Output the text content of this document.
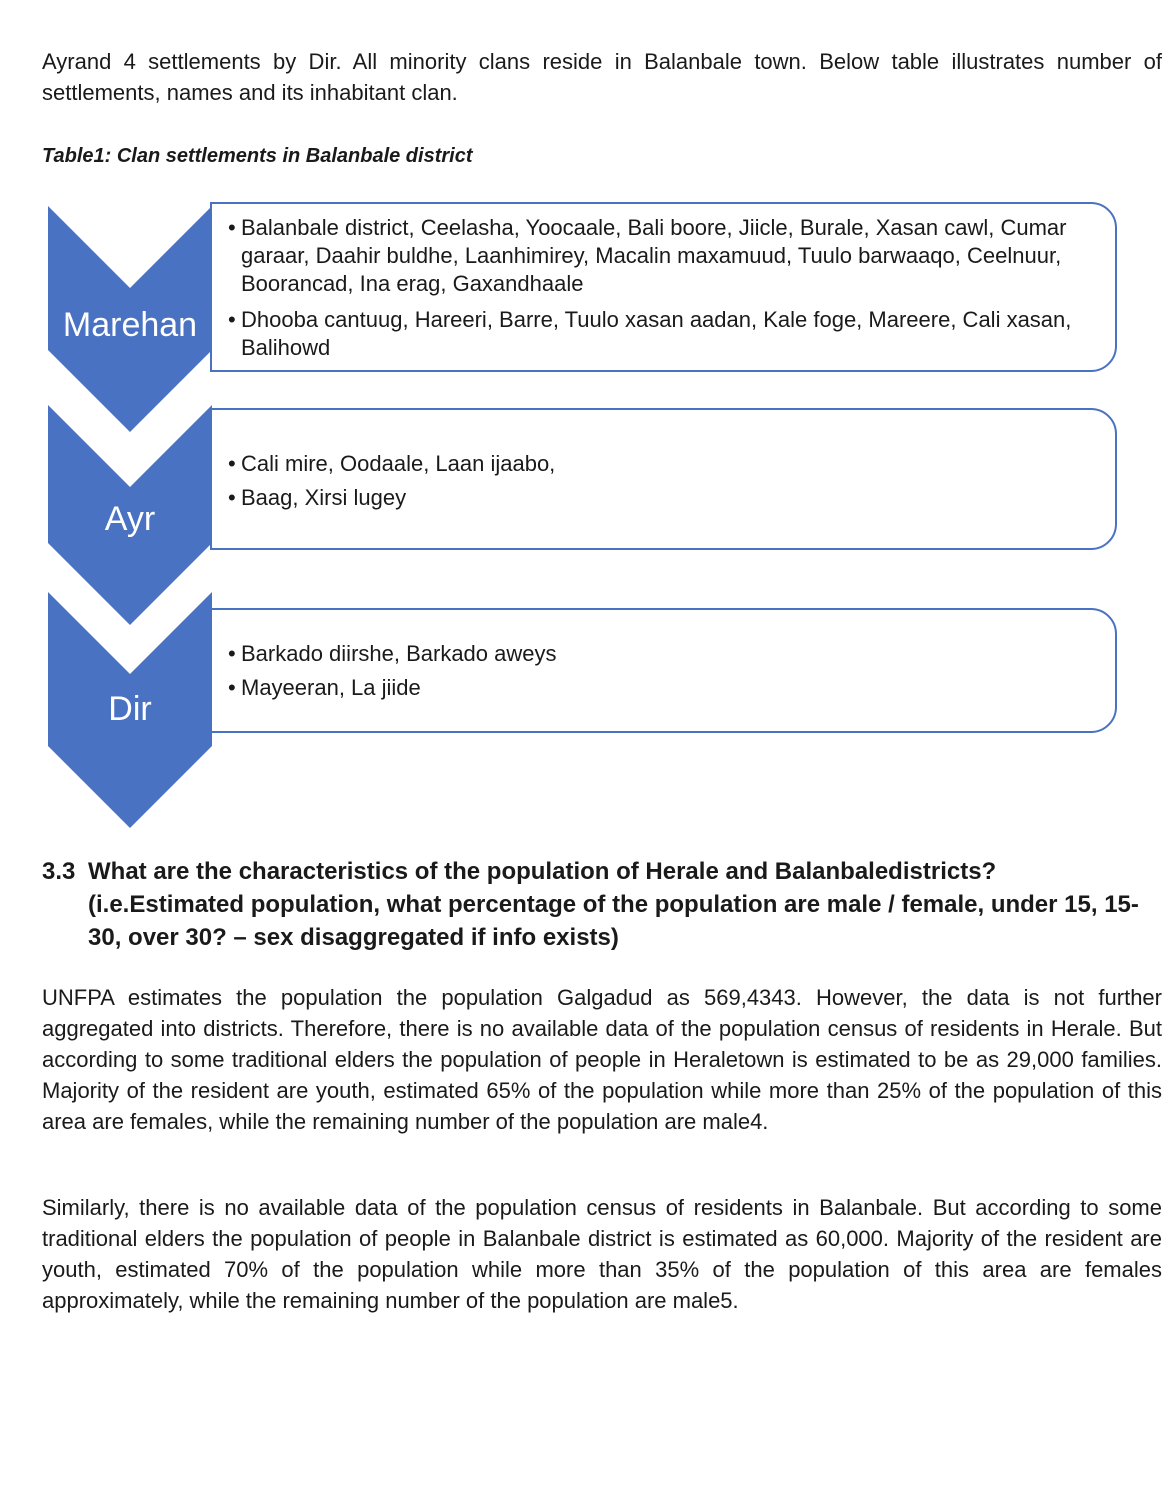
Ayrand 4 settlements by Dir. All minority clans reside in Balanbale town. Below table illustrates number of settlements, names and its inhabitant clan.

Table1: Clan settlements in Balanbale district

Marehan
• Balanbale district, Ceelasha, Yoocaale, Bali boore, Jiicle, Burale, Xasan cawl, Cumar garaar, Daahir buldhe, Laanhimirey, Macalin maxamuud, Tuulo barwaaqo, Ceelnuur, Boorancad, Ina erag, Gaxandhaale
• Dhooba cantuug, Hareeri, Barre, Tuulo xasan aadan, Kale foge, Mareere, Cali xasan, Balihowd
Ayr
• Cali mire, Oodaale, Laan ijaabo,
• Baag, Xirsi lugey
Dir
• Barkado diirshe, Barkado aweys
• Mayeeran, La jiide
3.3 What are the characteristics of the population of Herale and Balanbaledistricts?
(i.e.Estimated population, what percentage of the population are male / female, under 15, 15-30, over 30? – sex disaggregated if info exists)

UNFPA estimates the population the population Galgadud as 569,4343. However, the data is not further aggregated into districts. Therefore, there is no available data of the population census of residents in Herale. But according to some traditional elders the population of people in Heraletown is estimated to be as 29,000 families. Majority of the resident are youth, estimated 65% of the population while more than 25% of the population of this area are females, while the remaining number of the population are male4.

Similarly, there is no available data of the population census of residents in Balanbale. But according to some traditional elders the population of people in Balanbale district is estimated as 60,000. Majority of the resident are youth, estimated 70% of the population while more than 35% of the population of this area are females approximately, while the remaining number of the population are male5.
